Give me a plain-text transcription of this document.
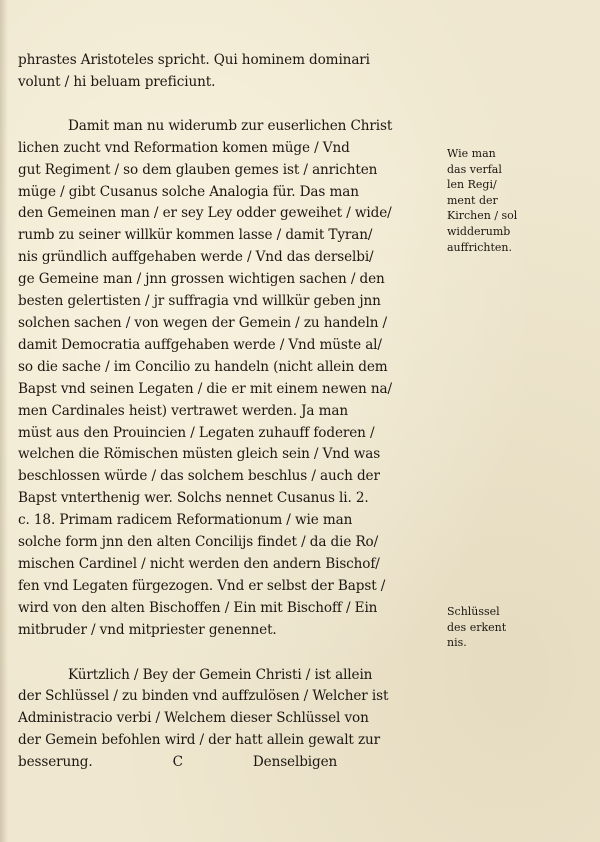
phrastes Aristoteles spricht. Qui hominem dominari
volunt / hi beluam preficiunt.
Damit man nu widerumb zur euserlichen Christ
lichen zucht vnd Reformation komen müge / Vnd
gut Regiment / so dem glauben gemes ist / anrichten
müge / gibt Cusanus solche Analogia für. Das man
den Gemeinen man / er sey Ley odder geweihet / wide/
rumb zu seiner willkür kommen lasse / damit Tyran/
nis gründlich auffgehaben werde / Vnd das derselbi/
ge Gemeine man / jnn grossen wichtigen sachen / den
besten gelertisten / jr suffragia vnd willkür geben jnn
solchen sachen / von wegen der Gemein / zu handeln /
damit Democratia auffgehaben werde / Vnd müste al/
so die sache / im Concilio zu handeln (nicht allein dem
Bapst vnd seinen Legaten / die er mit einem newen na/
men Cardinales heist) vertrawet werden. Ja man
müst aus den Prouincien / Legaten zuhauff foderen /
welchen die Römischen müsten gleich sein / Vnd was
beschlossen würde / das solchem beschlus / auch der
Bapst vnterthenig wer. Solchs nennet Cusanus li. 2.
c. 18. Primam radicem Reformationum / wie man
solche form jnn den alten Concilijs findet / da die Ro/
mischen Cardinel / nicht werden den andern Bischof/
fen vnd Legaten fürgezogen. Vnd er selbst der Bapst /
wird von den alten Bischoffen / Ein mit Bischoff / Ein
mitbruder / vnd mitpriester genennet.
Kürtzlich / Bey der Gemein Christi / ist allein
der Schlüssel / zu binden vnd auffzulösen / Welcher ist
Administracio verbi / Welchem dieser Schlüssel von
der Gemein befohlen wird / der hatt allein gewalt zur
besserung.	C	Denselbigen
Wie man
das verfal
len Regi/
ment der
Kirchen / sol
widderumb
auffrichten.
Schlüssel
des erkent
nis.
